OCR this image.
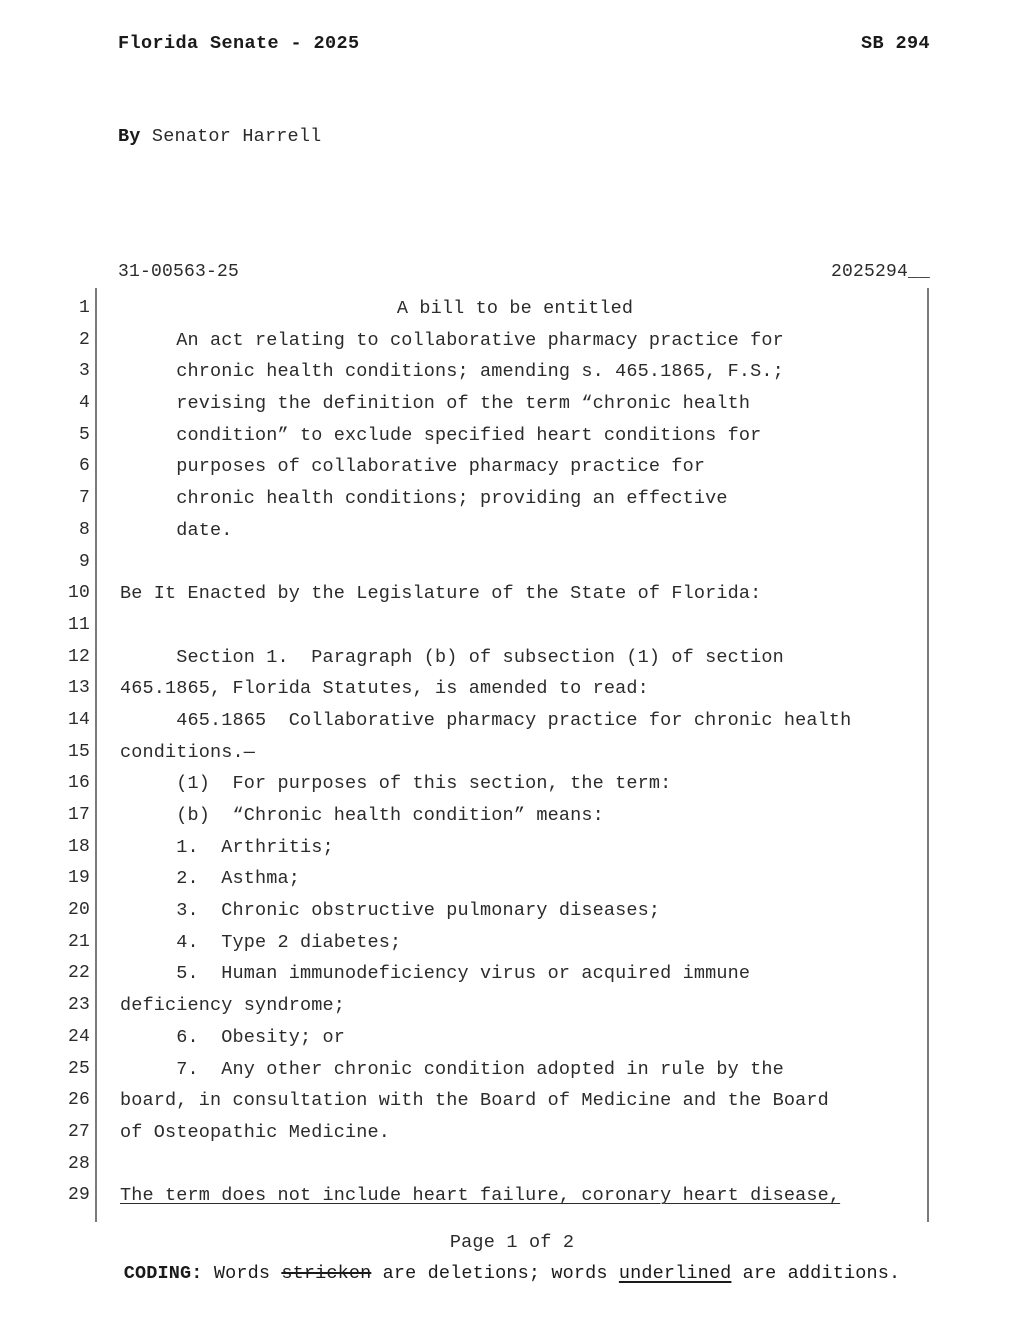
Florida Senate - 2025	SB 294
By Senator Harrell
31-00563-25	2025294__
1	A bill to be entitled
2 An act relating to collaborative pharmacy practice for
3 chronic health conditions; amending s. 465.1865, F.S.;
4 revising the definition of the term “chronic health
5 condition” to exclude specified heart conditions for
6 purposes of collaborative pharmacy practice for
7 chronic health conditions; providing an effective
8 date.
9
10 Be It Enacted by the Legislature of the State of Florida:
11
12 Section 1.  Paragraph (b) of subsection (1) of section
13 465.1865, Florida Statutes, is amended to read:
14 465.1865  Collaborative pharmacy practice for chronic health
15 conditions.—
16 (1)  For purposes of this section, the term:
17 (b)  “Chronic health condition” means:
18 1.  Arthritis;
19 2.  Asthma;
20 3.  Chronic obstructive pulmonary diseases;
21 4.  Type 2 diabetes;
22 5.  Human immunodeficiency virus or acquired immune
23 deficiency syndrome;
24 6.  Obesity; or
25 7.  Any other chronic condition adopted in rule by the
26 board, in consultation with the Board of Medicine and the Board
27 of Osteopathic Medicine.
28
29 The term does not include heart failure, coronary heart disease,
Page 1 of 2
CODING: Words stricken are deletions; words underlined are additions.
